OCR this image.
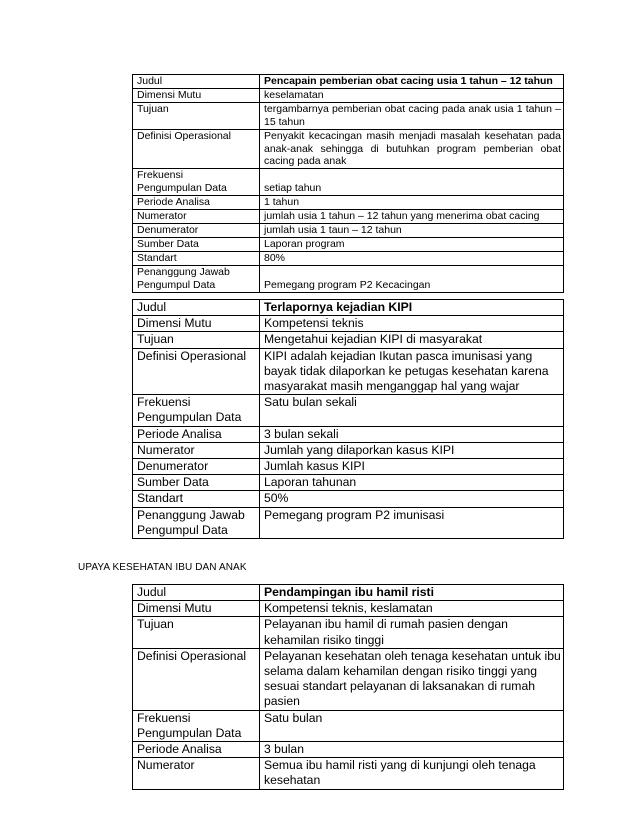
Judul	Pencapain pemberian obat cacing usia 1 tahun – 12 tahun
Dimensi Mutu	keselamatan
Tujuan	tergambarnya pemberian obat cacing pada anak usia 1 tahun – 15 tahun
Definisi Operasional	Penyakit kecacingan masih menjadi masalah kesehatan pada anak-anak sehingga di butuhkan program pemberian obat cacing pada anak
Frekuensi
Pengumpulan Data	setiap tahun
Periode Analisa	1 tahun
Numerator	jumlah usia 1 tahun – 12 tahun yang menerima obat cacing
Denumerator	jumlah usia 1 taun – 12 tahun
Sumber Data	Laporan program
Standart	80%
Penanggung Jawab
Pengumpul Data	Pemegang program P2 Kecacingan
Judul	Terlapornya kejadian KIPI
Dimensi Mutu	Kompetensi teknis
Tujuan	Mengetahui kejadian KIPI di masyarakat
Definisi Operasional	KIPI adalah kejadian Ikutan pasca imunisasi yang bayak tidak dilaporkan ke petugas kesehatan karena masyarakat masih menganggap hal yang wajar
Frekuensi
Pengumpulan Data	Satu bulan sekali
Periode Analisa	3 bulan sekali
Numerator	Jumlah yang dilaporkan kasus KIPI
Denumerator	Jumlah kasus KIPI
Sumber Data	Laporan tahunan
Standart	50%
Penanggung Jawab
Pengumpul Data	Pemegang program P2 imunisasi
UPAYA KESEHATAN IBU DAN ANAK
Judul	Pendampingan ibu hamil risti
Dimensi Mutu	Kompetensi teknis, keslamatan
Tujuan	Pelayanan ibu hamil di rumah pasien dengan kehamilan risiko tinggi
Definisi Operasional	Pelayanan kesehatan oleh tenaga kesehatan untuk ibu selama dalam kehamilan dengan risiko tinggi yang sesuai standart pelayanan di laksanakan di rumah pasien
Frekuensi
Pengumpulan Data	Satu bulan
Periode Analisa	3 bulan
Numerator	Semua ibu hamil risti yang di kunjungi oleh tenaga kesehatan
